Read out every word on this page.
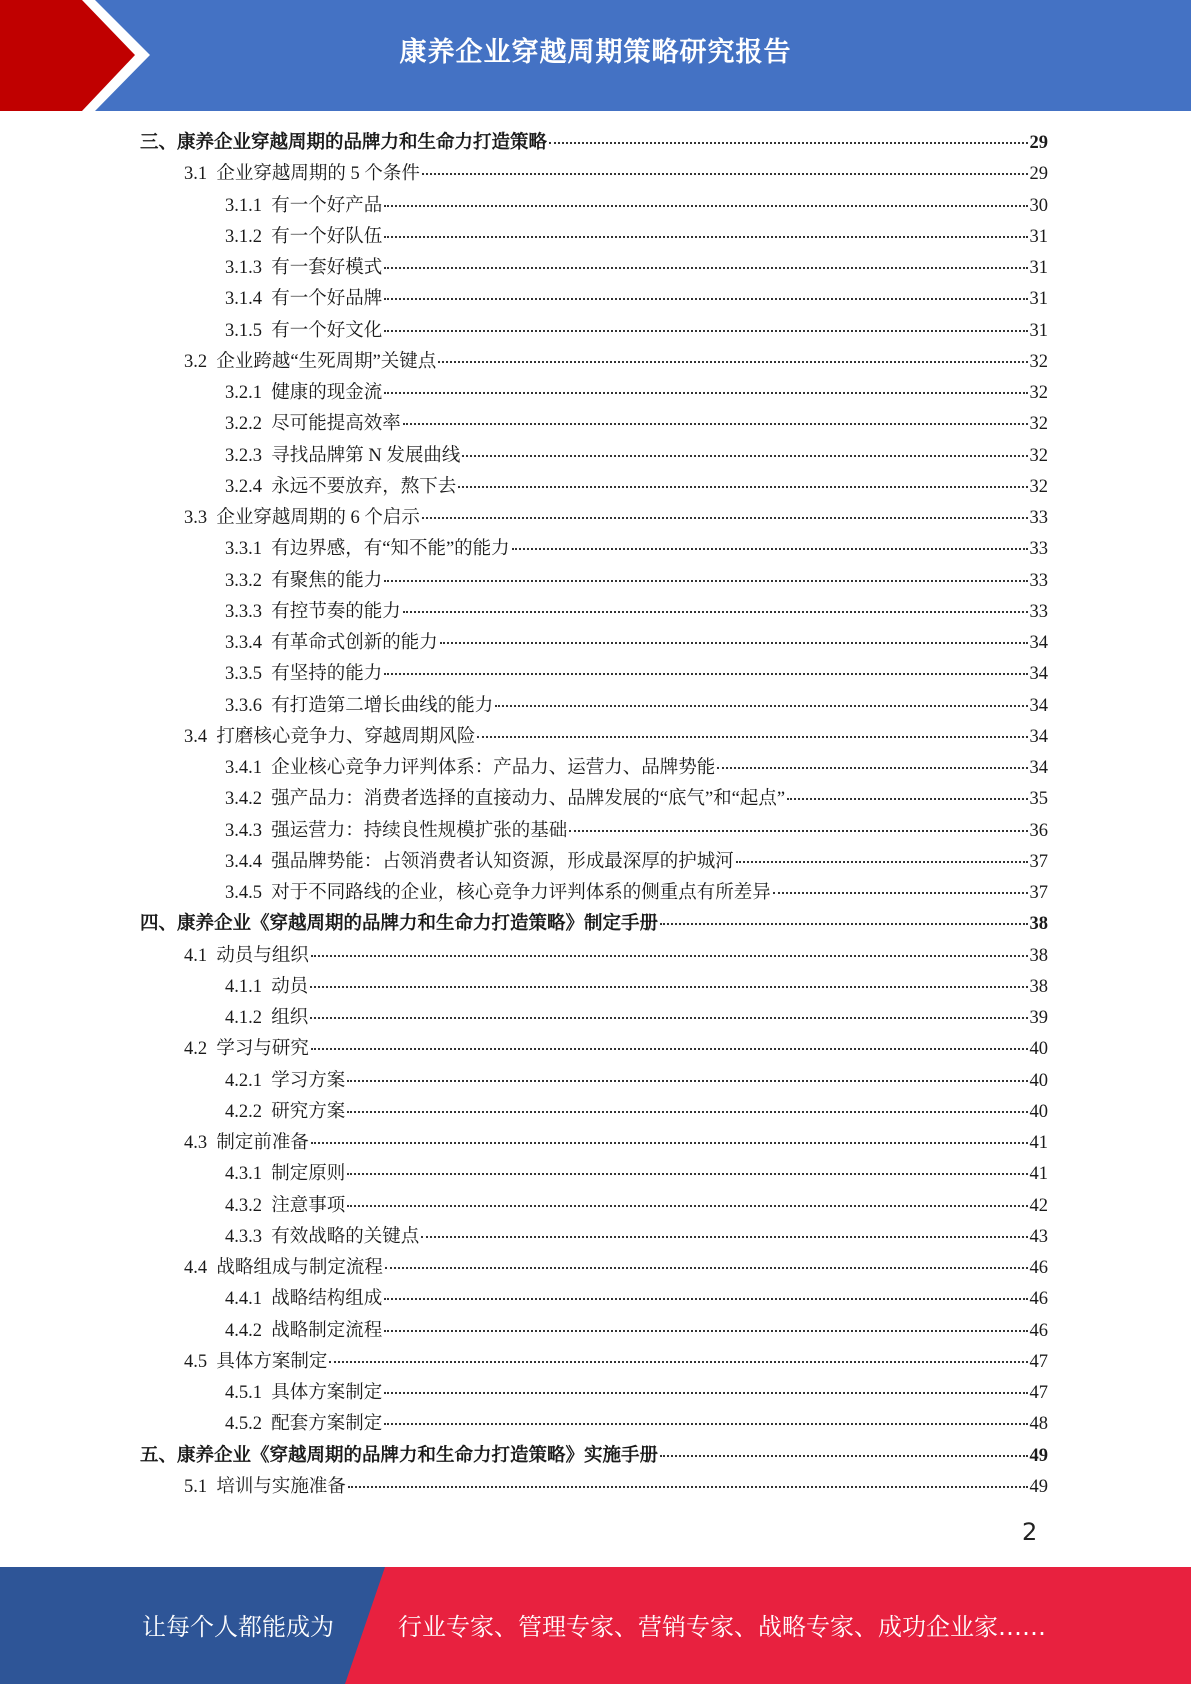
康养企业穿越周期策略研究报告
三、 康养企业穿越周期的品牌力和生命力打造策略	29
3.1 企业穿越周期的 5 个条件	29
3.1.1 有一个好产品	30
3.1.2 有一个好队伍	31
3.1.3 有一套好模式	31
3.1.4 有一个好品牌	31
3.1.5 有一个好文化	31
3.2 企业跨越“生死周期”关键点	32
3.2.1 健康的现金流	32
3.2.2 尽可能提高效率	32
3.2.3 寻找品牌第 N 发展曲线	32
3.2.4 永远不要放弃，熬下去	32
3.3 企业穿越周期的 6 个启示	33
3.3.1 有边界感，有“知不能”的能力	33
3.3.2 有聚焦的能力	33
3.3.3 有控节奏的能力	33
3.3.4 有革命式创新的能力	34
3.3.5 有坚持的能力	34
3.3.6 有打造第二增长曲线的能力	34
3.4 打磨核心竞争力、穿越周期风险	34
3.4.1 企业核心竞争力评判体系：产品力、运营力、品牌势能	34
3.4.2 强产品力：消费者选择的直接动力、品牌发展的“底气”和“起点”	35
3.4.3 强运营力：持续良性规模扩张的基础	36
3.4.4 强品牌势能：占领消费者认知资源，形成最深厚的护城河	37
3.4.5 对于不同路线的企业，核心竞争力评判体系的侧重点有所差异	37
四、 康养企业《穿越周期的品牌力和生命力打造策略》制定手册	38
4.1 动员与组织	38
4.1.1 动员	38
4.1.2 组织	39
4.2 学习与研究	40
4.2.1 学习方案	40
4.2.2 研究方案	40
4.3 制定前准备	41
4.3.1 制定原则	41
4.3.2 注意事项	42
4.3.3 有效战略的关键点	43
4.4 战略组成与制定流程	46
4.4.1 战略结构组成	46
4.4.2 战略制定流程	46
4.5 具体方案制定	47
4.5.1 具体方案制定	47
4.5.2 配套方案制定	48
五、 康养企业《穿越周期的品牌力和生命力打造策略》实施手册	49
5.1 培训与实施准备	49
2
让每个人都能成为	行业专家、管理专家、营销专家、战略专家、成功企业家……
